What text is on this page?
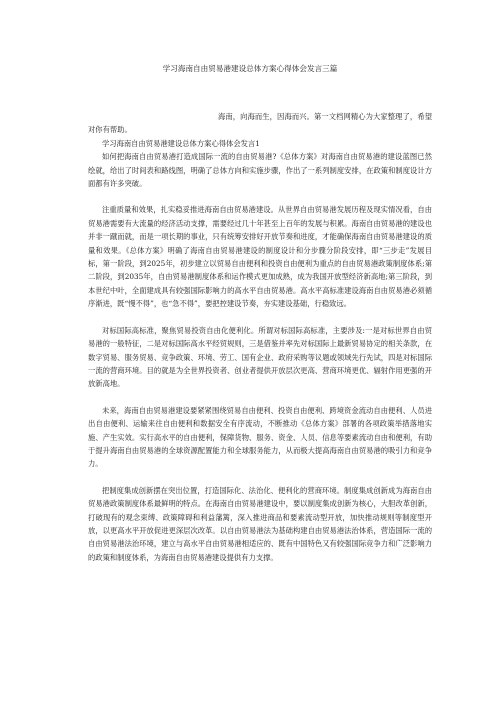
学习海南自由贸易港建设总体方案心得体会发言三篇

海南，向海而生，因海而兴。第一文档网精心为大家整理了，希望对你有帮助。

学习海南自由贸易港建设总体方案心得体会发言1

如何把海南自由贸易港打造成国际一流的自由贸易港?《总体方案》对海南自由贸易港的建设蓝图已然绘就，给出了时间表和路线图，明确了总体方向和实施步骤，作出了一系列制度安排，在政策和制度设计方面都有许多突破。

注重质量和效果，扎实稳妥推进海南自由贸易港建设。从世界自由贸易港发展历程及现实情况看，自由贸易港需要有大流量的经济活动支撑，需要经过几十年甚至上百年的发展与积累。海南自由贸易港的建设也并非一蹴而就，而是一项长期的事业，只有统筹安排好开放节奏和进度，才能确保海南自由贸易港建设的质量和效果。《总体方案》明确了海南自由贸易港建设的制度设计和分步骤分阶段安排，即“三步走”发展目标，第一阶段，到2025年，初步建立以贸易自由便利和投资自由便利为重点的自由贸易港政策制度体系;第二阶段，到2035年，自由贸易港制度体系和运作模式更加成熟，成为我国开放型经济新高地;第三阶段，到本世纪中叶，全面建成具有较强国际影响力的高水平自由贸易港。高水平高标准建设海南自由贸易港必须循序渐进，既“慢不得”，也“急不得”，要把控建设节奏，夯实建设基础，行稳致远。

对标国际高标准，聚焦贸易投资自由化便利化。所谓对标国际高标准，主要涉及:一是对标世界自由贸易港的一般特征，二是对标国际高水平经贸规则，三是借鉴并率先对标国际上最新贸易协定的相关条款，在数字贸易、服务贸易、竞争政策、环境、劳工、国有企业、政府采购等议题或领域先行先试，四是对标国际一流的营商环境。目的就是为全世界投资者、创业者提供开放层次更高、营商环境更优、辐射作用更强的开放新高地。

未来，海南自由贸易港建设要紧紧围绕贸易自由便利、投资自由便利、跨境资金流动自由便利、人员进出自由便利、运输来往自由便利和数据安全有序流动，不断推动《总体方案》部署的各项政策举措落地实施、产生实效。实行高水平的自由便利，保障货物、服务、资金、人员、信息等要素流动自由和便利，有助于提升海南自由贸易港的全球资源配置能力和全球服务能力，从而极大提高海南自由贸易港的吸引力和竞争力。

把制度集成创新摆在突出位置，打造国际化、法治化、便利化的营商环境。制度集成创新成为海南自由贸易港政策制度体系最鲜明的特点。在海南自由贸易港建设中，要以制度集成创新为核心，大胆改革创新，打破现有的观念束缚、政策障碍和利益藩篱，深入推进商品和要素流动型开放，加快推动规则等制度型开放，以更高水平开放促进更深层次改革。以自由贸易港法为基础构建自由贸易港法治体系，营造国际一流的自由贸易港法治环境，建立与高水平自由贸易港相适应的、既有中国特色又有较强国际竞争力和广泛影响力的政策和制度体系，为海南自由贸易港建设提供有力支撑。
